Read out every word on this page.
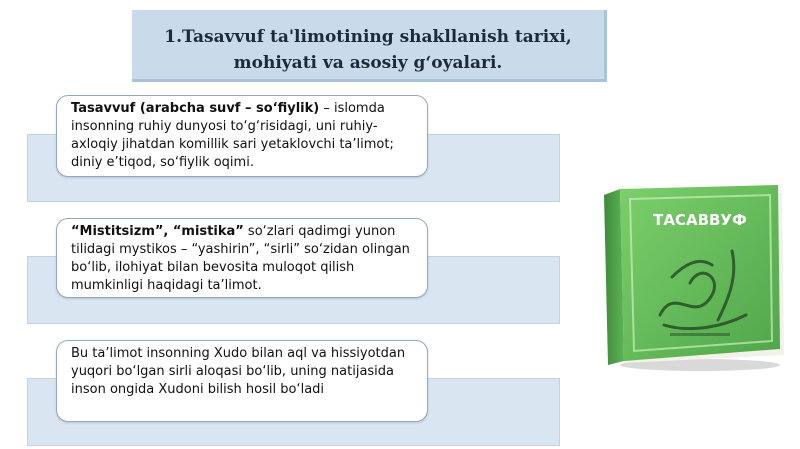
1.Tasavvuf ta'limotining shakllanish tarixi,
mohiyati va asosiy g‘oyalari.
Tasavvuf (arabcha suvf – so‘fiylik) – islomda insonning ruhiy dunyosi to‘g‘risidagi, uni ruhiy-axloqiy jihatdan komillik sari yetaklovchi ta’limot; diniy e’tiqod, so‘fiylik oqimi.
“Mistitsizm”, “mistika” so‘zlari qadimgi yunon tilidagi mystikos – “yashirin”, “sirli” so‘zidan olingan bo‘lib, ilohiyat bilan bevosita muloqot qilish mumkinligi haqidagi ta’limot.
Bu ta’limot insonning Xudo bilan aql va hissiyotdan yuqori bo‘lgan sirli aloqasi bo‘lib, uning natijasida inson ongida Xudoni bilish hosil bo‘ladi
ТАСАВВУФ
